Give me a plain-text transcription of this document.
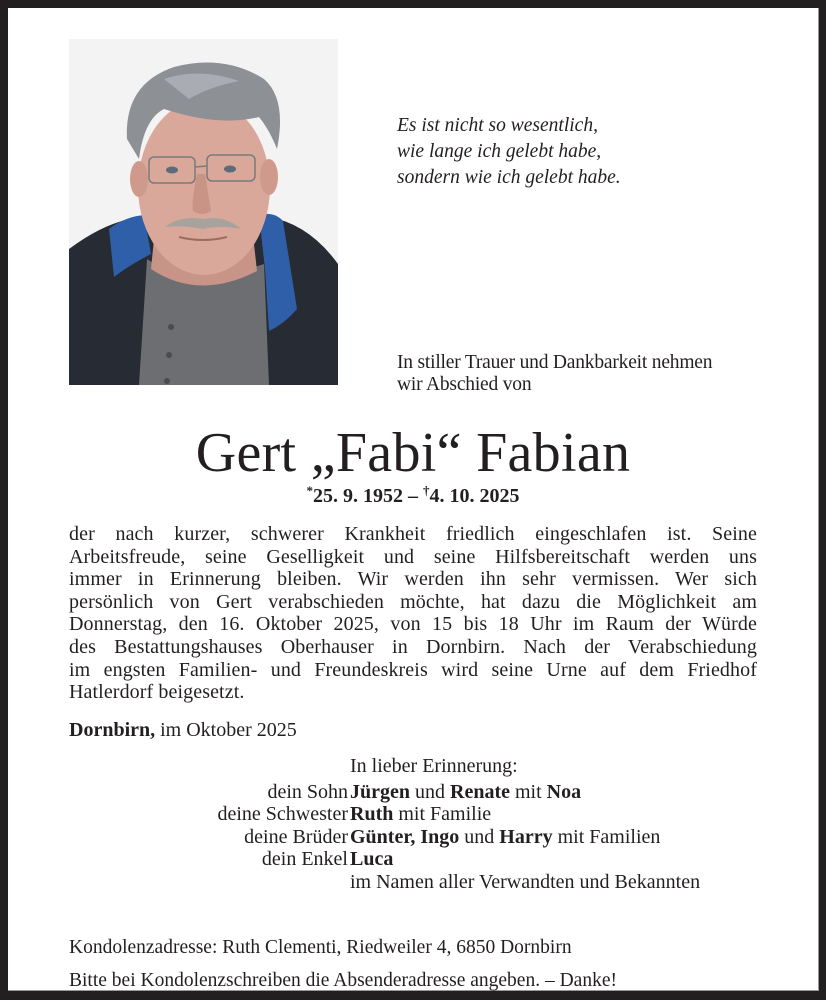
Es ist nicht so wesentlich,
wie lange ich gelebt habe,
sondern wie ich gelebt habe.
In stiller Trauer und Dankbarkeit nehmen
wir Abschied von
Gert „Fabi“ Fabian
*25. 9. 1952 – †4. 10. 2025
der nach kurzer, schwerer Krankheit friedlich eingeschlafen ist. Seine
Arbeitsfreude, seine Geselligkeit und seine Hilfsbereitschaft werden uns
immer in Erinnerung bleiben. Wir werden ihn sehr vermissen. Wer sich
persönlich von Gert verabschieden möchte, hat dazu die Möglichkeit am
Donnerstag, den 16. Oktober 2025, von 15 bis 18 Uhr im Raum der Würde
des Bestattungshauses Oberhauser in Dornbirn. Nach der Verabschiedung
im engsten Familien- und Freundeskreis wird seine Urne auf dem Friedhof
Hatlerdorf beigesetzt.
Dornbirn, im Oktober 2025
In lieber Erinnerung:
dein Sohn Jürgen und Renate mit Noa
deine Schwester Ruth mit Familie
deine Brüder Günter, Ingo und Harry mit Familien
dein Enkel Luca
im Namen aller Verwandten und Bekannten
Kondolenzadresse: Ruth Clementi, Riedweiler 4, 6850 Dornbirn
Bitte bei Kondolenzschreiben die Absenderadresse angeben. – Danke!
